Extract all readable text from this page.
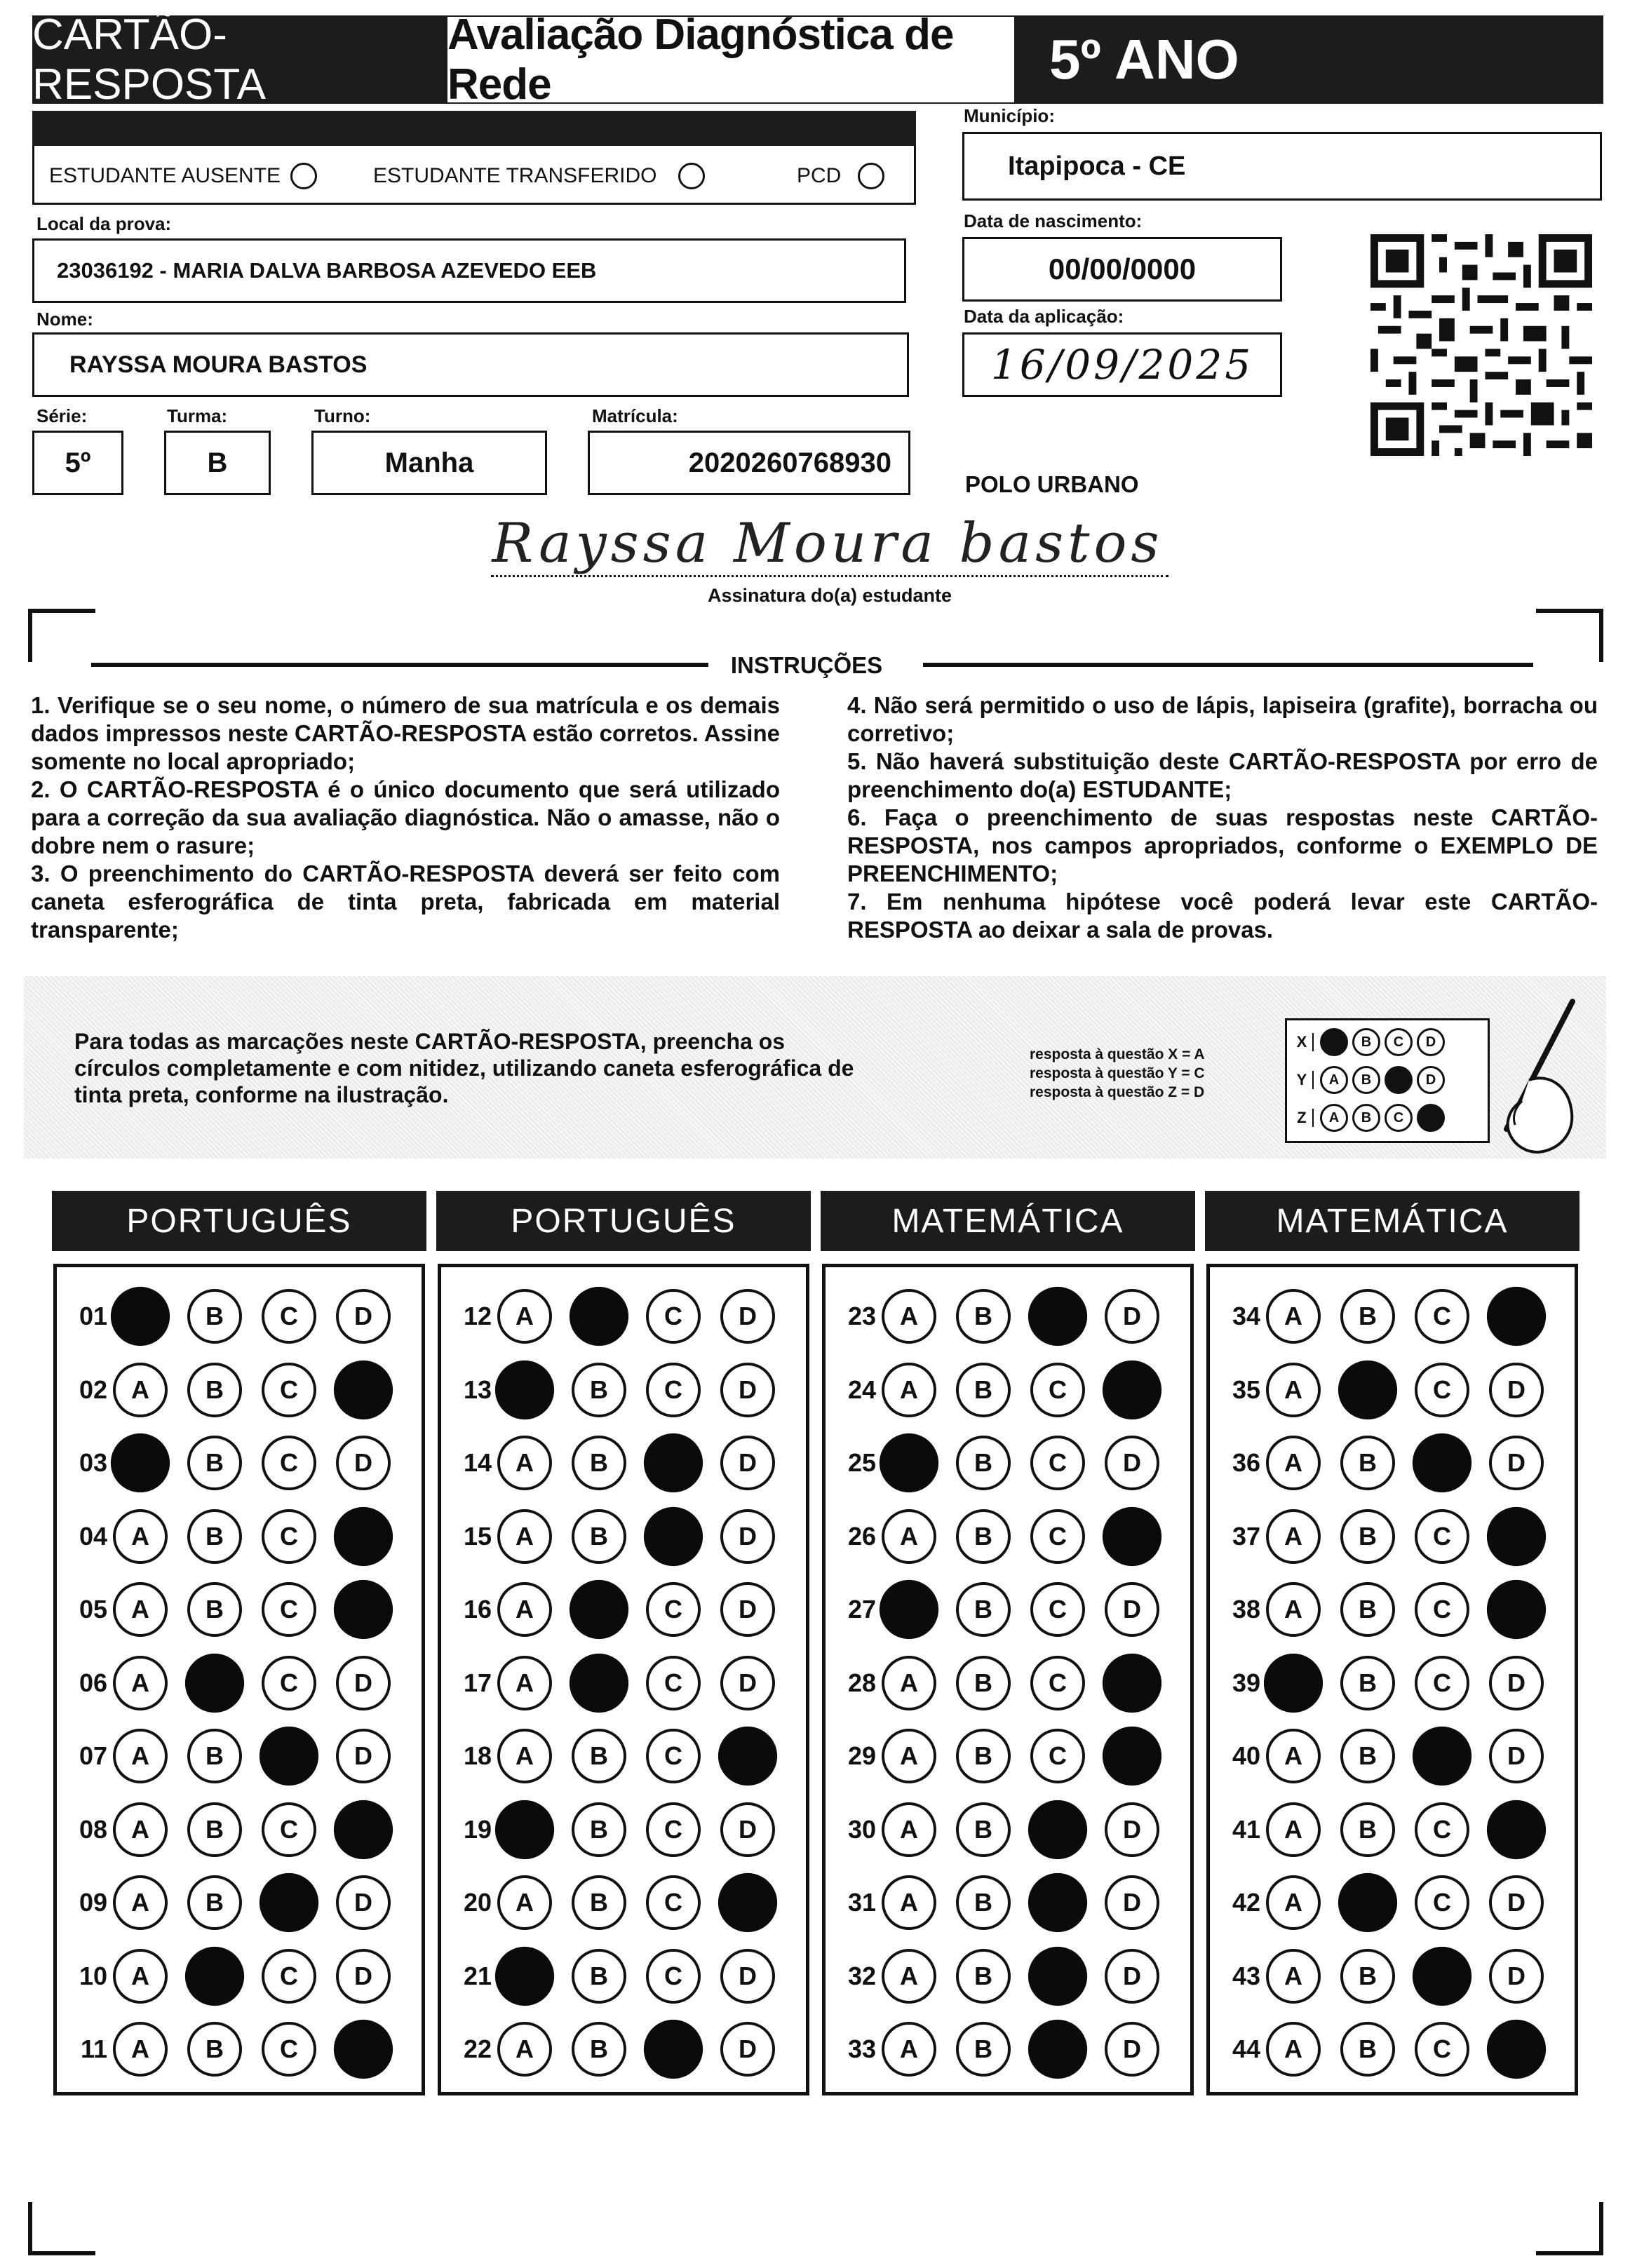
CARTÃO-RESPOSTA
Avaliação Diagnóstica de Rede	5º ANO
ESTUDANTE AUSENTE	ESTUDANTE TRANSFERIDO	PCD
Município:
Itapipoca - CE
Local da prova:
23036192 - MARIA DALVA BARBOSA AZEVEDO EEB
Data de nascimento:
00/00/0000
Nome:
RAYSSA MOURA BASTOS
Data da aplicação:
16/09/2025
Série:
5º
Turma:
B
Turno:
Manha
Matrícula:
2020260768930
POLO URBANO
Rayssa Moura bastos
Assinatura do(a) estudante
INSTRUÇÕES

1. Verifique se o seu nome, o número de sua matrícula e os demais dados impressos neste CARTÃO-RESPOSTA estão corretos. Assine somente no local apropriado;

2. O CARTÃO-RESPOSTA é o único documento que será utilizado para a correção da sua avaliação diagnóstica. Não o amasse, não o dobre nem o rasure;

3. O preenchimento do CARTÃO-RESPOSTA deverá ser feito com caneta esferográfica de tinta preta, fabricada em material transparente;

4. Não será permitido o uso de lápis, lapiseira (grafite), borracha ou corretivo;

5. Não haverá substituição deste CARTÃO-RESPOSTA por erro de preenchimento do(a) ESTUDANTE;

6. Faça o preenchimento de suas respostas neste CARTÃO-RESPOSTA, nos campos apropriados, conforme o EXEMPLO DE PREENCHIMENTO;

7. Em nenhuma hipótese você poderá levar este CARTÃO-RESPOSTA ao deixar a sala de provas.

Para todas as marcações neste CARTÃO-RESPOSTA, preencha os círculos completamente e com nitidez, utilizando caneta esferográfica de tinta preta, conforme na ilustração.
resposta à questão X = A
resposta à questão Y = C
resposta à questão Z = D
X	A	B	C	D
Y	A	B	C	D
Z	A	B	C	D
PORTUGUÊS
01 A	B	C	D
02 A	B	C	D
03 A	B	C	D
04 A	B	C	D
05 A	B	C	D
06 A	B	C	D
07 A	B	C	D
08 A	B	C	D
09 A	B	C	D
10 A	B	C	D
11 A	B	C	D
PORTUGUÊS
12 A	B	C	D
13 A	B	C	D
14 A	B	C	D
15 A	B	C	D
16 A	B	C	D
17 A	B	C	D
18 A	B	C	D
19 A	B	C	D
20 A	B	C	D
21 A	B	C	D
22 A	B	C	D
MATEMÁTICA
23 A	B	C	D
24 A	B	C	D
25 A	B	C	D
26 A	B	C	D
27 A	B	C	D
28 A	B	C	D
29 A	B	C	D
30 A	B	C	D
31 A	B	C	D
32 A	B	C	D
33 A	B	C	D
MATEMÁTICA
34 A	B	C	D
35 A	B	C	D
36 A	B	C	D
37 A	B	C	D
38 A	B	C	D
39 A	B	C	D
40 A	B	C	D
41 A	B	C	D
42 A	B	C	D
43 A	B	C	D
44 A	B	C	D
